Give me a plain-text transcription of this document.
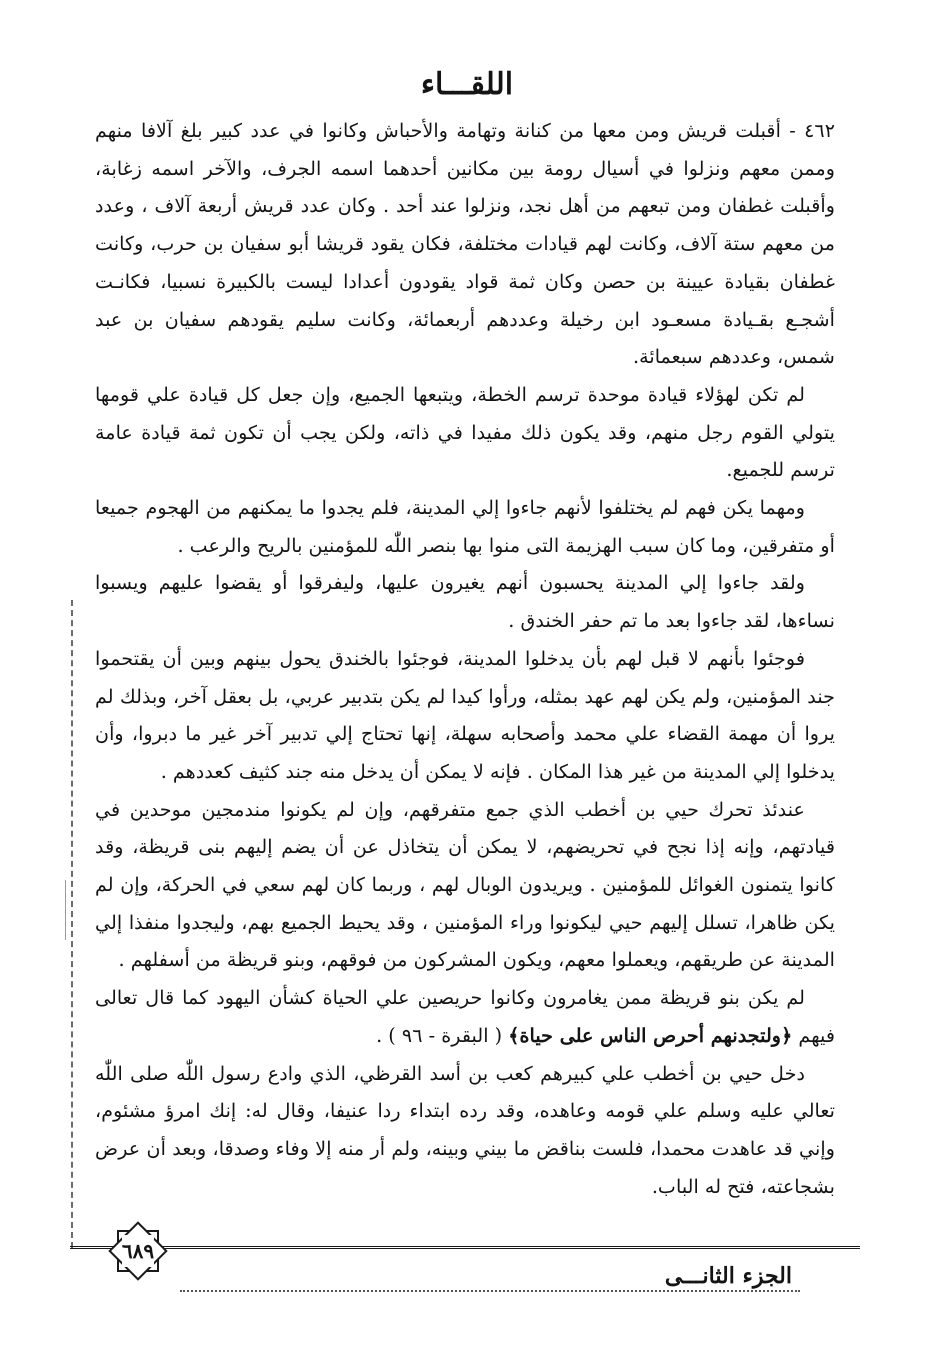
اللقـــاء

٤٦٢ - أقبلت قريش ومن معها من كنانة وتهامة والأحباش وكانوا في عدد كبير بلغ آلافا منهم وممن معهم ونزلوا في أسيال رومة بين مكانين أحدهما اسمه الجرف، والآخر اسمه زغابة، وأقبلت غطفان ومن تبعهم من أهل نجد، ونزلوا عند أحد . وكان عدد قريش أربعة آلاف ، وعدد من معهم ستة آلاف، وكانت لهم قيادات مختلفة، فكان يقود قريشا أبو سفيان بن حرب، وكانت غطفان بقيادة عيينة بن حصن وكان ثمة قواد يقودون أعدادا ليست بالكبيرة نسبيا، فكانـت أشجـع بقـيادة مسعـود ابن رخيلة وعددهم أربعمائة، وكانت سليم يقودهم سفيان بن عبد شمس، وعددهم سبعمائة.

لم تكن لهؤلاء قيادة موحدة ترسم الخطة، ويتبعها الجميع، وإن جعل كل قيادة علي قومها يتولي القوم رجل منهم، وقد يكون ذلك مفيدا في ذاته، ولكن يجب أن تكون ثمة قيادة عامة ترسم للجميع.

ومهما يكن فهم لم يختلفوا لأنهم جاءوا إلي المدينة، فلم يجدوا ما يمكنهم من الهجوم جميعا أو متفرقين، وما كان سبب الهزيمة التى منوا بها بنصر اللّٰه للمؤمنين بالريح والرعب .

ولقد جاءوا إلي المدينة يحسبون أنهم يغيرون عليها، وليفرقوا أو يقضوا عليهم ويسبوا نساءها، لقد جاءوا بعد ما تم حفر الخندق .

فوجئوا بأنهم لا قبل لهم بأن يدخلوا المدينة، فوجئوا بالخندق يحول بينهم وبين أن يقتحموا جند المؤمنين، ولم يكن لهم عهد بمثله، ورأوا كيدا لم يكن بتدبير عربي، بل بعقل آخر، وبذلك لم يروا أن مهمة القضاء علي محمد وأصحابه سهلة، إنها تحتاج إلي تدبير آخر غير ما دبروا، وأن يدخلوا إلي المدينة من غير هذا المكان . فإنه لا يمكن أن يدخل منه جند كثيف كعددهم .

عندئذ تحرك حيي بن أخطب الذي جمع متفرقهم، وإن لم يكونوا مندمجين موحدين في قيادتهم، وإنه إذا نجح في تحريضهم، لا يمكن أن يتخاذل عن أن يضم إليهم بنى قريظة، وقد كانوا يتمنون الغوائل للمؤمنين . ويريدون الوبال لهم ، وربما كان لهم سعي في الحركة، وإن لم يكن ظاهرا، تسلل إليهم حيي ليكونوا وراء المؤمنين ، وقد يحيط الجميع بهم، وليجدوا منفذا إلي المدينة عن طريقهم، ويعملوا معهم، ويكون المشركون من فوقهم، وبنو قريظة من أسفلهم .

لم يكن بنو قريظة ممن يغامرون وكانوا حريصين علي الحياة كشأن اليهود كما قال تعالى فيهم ﴿ولتجدنهم أحرص الناس على حياة﴾ ( البقرة - ٩٦ ) .

دخل حيي بن أخطب علي كبيرهم كعب بن أسد القرظي، الذي وادع رسول اللّٰه صلى اللّٰه تعالي عليه وسلم علي قومه وعاهده، وقد رده ابتداء ردا عنيفا، وقال له: إنك امرؤ مشئوم، وإني قد عاهدت محمدا، فلست بناقض ما بيني وبينه، ولم أر منه إلا وفاء وصدقا، وبعد أن عرض بشجاعته، فتح له الباب.

٦٨٩
الجزء الثانـــى
